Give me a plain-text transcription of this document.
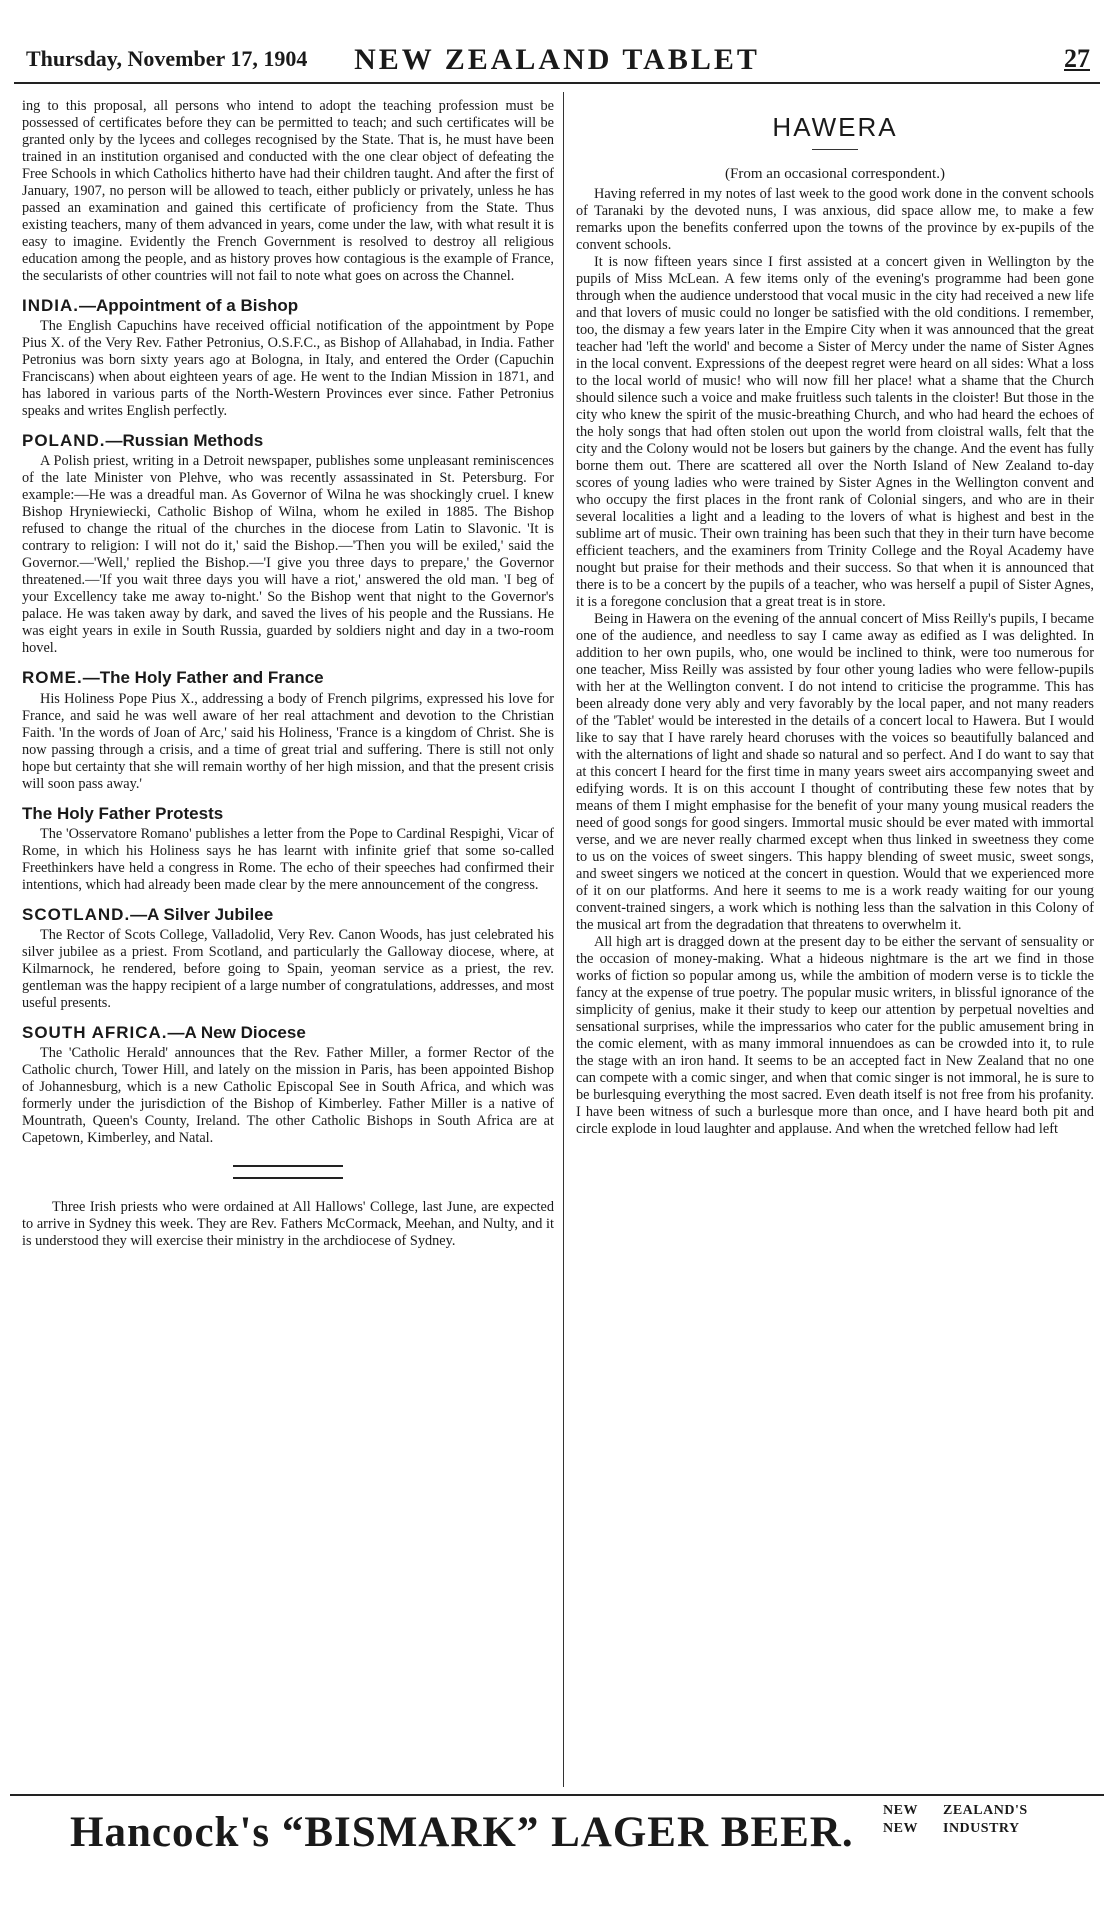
Thursday, November 17, 1904	NEW ZEALAND TABLET	27

ing to this proposal, all persons who intend to adopt the teaching profession must be possessed of certificates before they can be permitted to teach; and such certificates will be granted only by the lycees and colleges recognised by the State. That is, he must have been trained in an institution organised and conducted with the one clear object of defeating the Free Schools in which Catholics hitherto have had their children taught. And after the first of January, 1907, no person will be allowed to teach, either publicly or privately, unless he has passed an examination and gained this certificate of proficiency from the State. Thus existing teachers, many of them advanced in years, come under the law, with what result it is easy to imagine. Evidently the French Government is resolved to destroy all religious education among the people, and as history proves how contagious is the example of France, the secularists of other countries will not fail to note what goes on across the Channel.

INDIA.—Appointment of a Bishop

The English Capuchins have received official notification of the appointment by Pope Pius X. of the Very Rev. Father Petronius, O.S.F.C., as Bishop of Allahabad, in India. Father Petronius was born sixty years ago at Bologna, in Italy, and entered the Order (Capuchin Franciscans) when about eighteen years of age. He went to the Indian Mission in 1871, and has labored in various parts of the North-Western Provinces ever since. Father Petronius speaks and writes English perfectly.

POLAND.—Russian Methods

A Polish priest, writing in a Detroit newspaper, publishes some unpleasant reminiscences of the late Minister von Plehve, who was recently assassinated in St. Petersburg. For example:—He was a dreadful man. As Governor of Wilna he was shockingly cruel. I knew Bishop Hryniewiecki, Catholic Bishop of Wilna, whom he exiled in 1885. The Bishop refused to change the ritual of the churches in the diocese from Latin to Slavonic. 'It is contrary to religion: I will not do it,' said the Bishop.—'Then you will be exiled,' said the Governor.—'Well,' replied the Bishop.—'I give you three days to prepare,' the Governor threatened.—'If you wait three days you will have a riot,' answered the old man. 'I beg of your Excellency take me away to-night.' So the Bishop went that night to the Governor's palace. He was taken away by dark, and saved the lives of his people and the Russians. He was eight years in exile in South Russia, guarded by soldiers night and day in a two-room hovel.

ROME.—The Holy Father and France

His Holiness Pope Pius X., addressing a body of French pilgrims, expressed his love for France, and said he was well aware of her real attachment and devotion to the Christian Faith. 'In the words of Joan of Arc,' said his Holiness, 'France is a kingdom of Christ. She is now passing through a crisis, and a time of great trial and suffering. There is still not only hope but certainty that she will remain worthy of her high mission, and that the present crisis will soon pass away.'

The Holy Father Protests

The 'Osservatore Romano' publishes a letter from the Pope to Cardinal Respighi, Vicar of Rome, in which his Holiness says he has learnt with infinite grief that some so-called Freethinkers have held a congress in Rome. The echo of their speeches had confirmed their intentions, which had already been made clear by the mere announcement of the congress.

SCOTLAND.—A Silver Jubilee

The Rector of Scots College, Valladolid, Very Rev. Canon Woods, has just celebrated his silver jubilee as a priest. From Scotland, and particularly the Galloway diocese, where, at Kilmarnock, he rendered, before going to Spain, yeoman service as a priest, the rev. gentleman was the happy recipient of a large number of congratulations, addresses, and most useful presents.

SOUTH AFRICA.—A New Diocese

The 'Catholic Herald' announces that the Rev. Father Miller, a former Rector of the Catholic church, Tower Hill, and lately on the mission in Paris, has been appointed Bishop of Johannesburg, which is a new Catholic Episcopal See in South Africa, and which was formerly under the jurisdiction of the Bishop of Kimberley. Father Miller is a native of Mountrath, Queen's County, Ireland. The other Catholic Bishops in South Africa are at Capetown, Kimberley, and Natal.

Three Irish priests who were ordained at All Hallows' College, last June, are expected to arrive in Sydney this week. They are Rev. Fathers McCormack, Meehan, and Nulty, and it is understood they will exercise their ministry in the archdiocese of Sydney.

HAWERA
(From an occasional correspondent.)

Having referred in my notes of last week to the good work done in the convent schools of Taranaki by the devoted nuns, I was anxious, did space allow me, to make a few remarks upon the benefits conferred upon the towns of the province by ex-pupils of the convent schools.

It is now fifteen years since I first assisted at a concert given in Wellington by the pupils of Miss McLean. A few items only of the evening's programme had been gone through when the audience understood that vocal music in the city had received a new life and that lovers of music could no longer be satisfied with the old conditions. I remember, too, the dismay a few years later in the Empire City when it was announced that the great teacher had 'left the world' and become a Sister of Mercy under the name of Sister Agnes in the local convent. Expressions of the deepest regret were heard on all sides: What a loss to the local world of music! who will now fill her place! what a shame that the Church should silence such a voice and make fruitless such talents in the cloister! But those in the city who knew the spirit of the music-breathing Church, and who had heard the echoes of the holy songs that had often stolen out upon the world from cloistral walls, felt that the city and the Colony would not be losers but gainers by the change. And the event has fully borne them out. There are scattered all over the North Island of New Zealand to-day scores of young ladies who were trained by Sister Agnes in the Wellington convent and who occupy the first places in the front rank of Colonial singers, and who are in their several localities a light and a leading to the lovers of what is highest and best in the sublime art of music. Their own training has been such that they in their turn have become efficient teachers, and the examiners from Trinity College and the Royal Academy have nought but praise for their methods and their success. So that when it is announced that there is to be a concert by the pupils of a teacher, who was herself a pupil of Sister Agnes, it is a foregone conclusion that a great treat is in store.

Being in Hawera on the evening of the annual concert of Miss Reilly's pupils, I became one of the audience, and needless to say I came away as edified as I was delighted. In addition to her own pupils, who, one would be inclined to think, were too numerous for one teacher, Miss Reilly was assisted by four other young ladies who were fellow-pupils with her at the Wellington convent. I do not intend to criticise the programme. This has been already done very ably and very favorably by the local paper, and not many readers of the 'Tablet' would be interested in the details of a concert local to Hawera. But I would like to say that I have rarely heard choruses with the voices so beautifully balanced and with the alternations of light and shade so natural and so perfect. And I do want to say that at this concert I heard for the first time in many years sweet airs accompanying sweet and edifying words. It is on this account I thought of contributing these few notes that by means of them I might emphasise for the benefit of your many young musical readers the need of good songs for good singers. Immortal music should be ever mated with immortal verse, and we are never really charmed except when thus linked in sweetness they come to us on the voices of sweet singers. This happy blending of sweet music, sweet songs, and sweet singers we noticed at the concert in question. Would that we experienced more of it on our platforms. And here it seems to me is a work ready waiting for our young convent-trained singers, a work which is nothing less than the salvation in this Colony of the musical art from the degradation that threatens to overwhelm it.

All high art is dragged down at the present day to be either the servant of sensuality or the occasion of money-making. What a hideous nightmare is the art we find in those works of fiction so popular among us, while the ambition of modern verse is to tickle the fancy at the expense of true poetry. The popular music writers, in blissful ignorance of the simplicity of genius, make it their study to keep our attention by perpetual novelties and sensational surprises, while the impressarios who cater for the public amusement bring in the comic element, with as many immoral innuendoes as can be crowded into it, to rule the stage with an iron hand. It seems to be an accepted fact in New Zealand that no one can compete with a comic singer, and when that comic singer is not immoral, he is sure to be burlesquing everything the most sacred. Even death itself is not free from his profanity. I have been witness of such a burlesque more than once, and I have heard both pit and circle explode in loud laughter and applause. And when the wretched fellow had left

Hancock's “BISMARK” LAGER BEER. NEW ZEALAND'S
NEW INDUSTRY
